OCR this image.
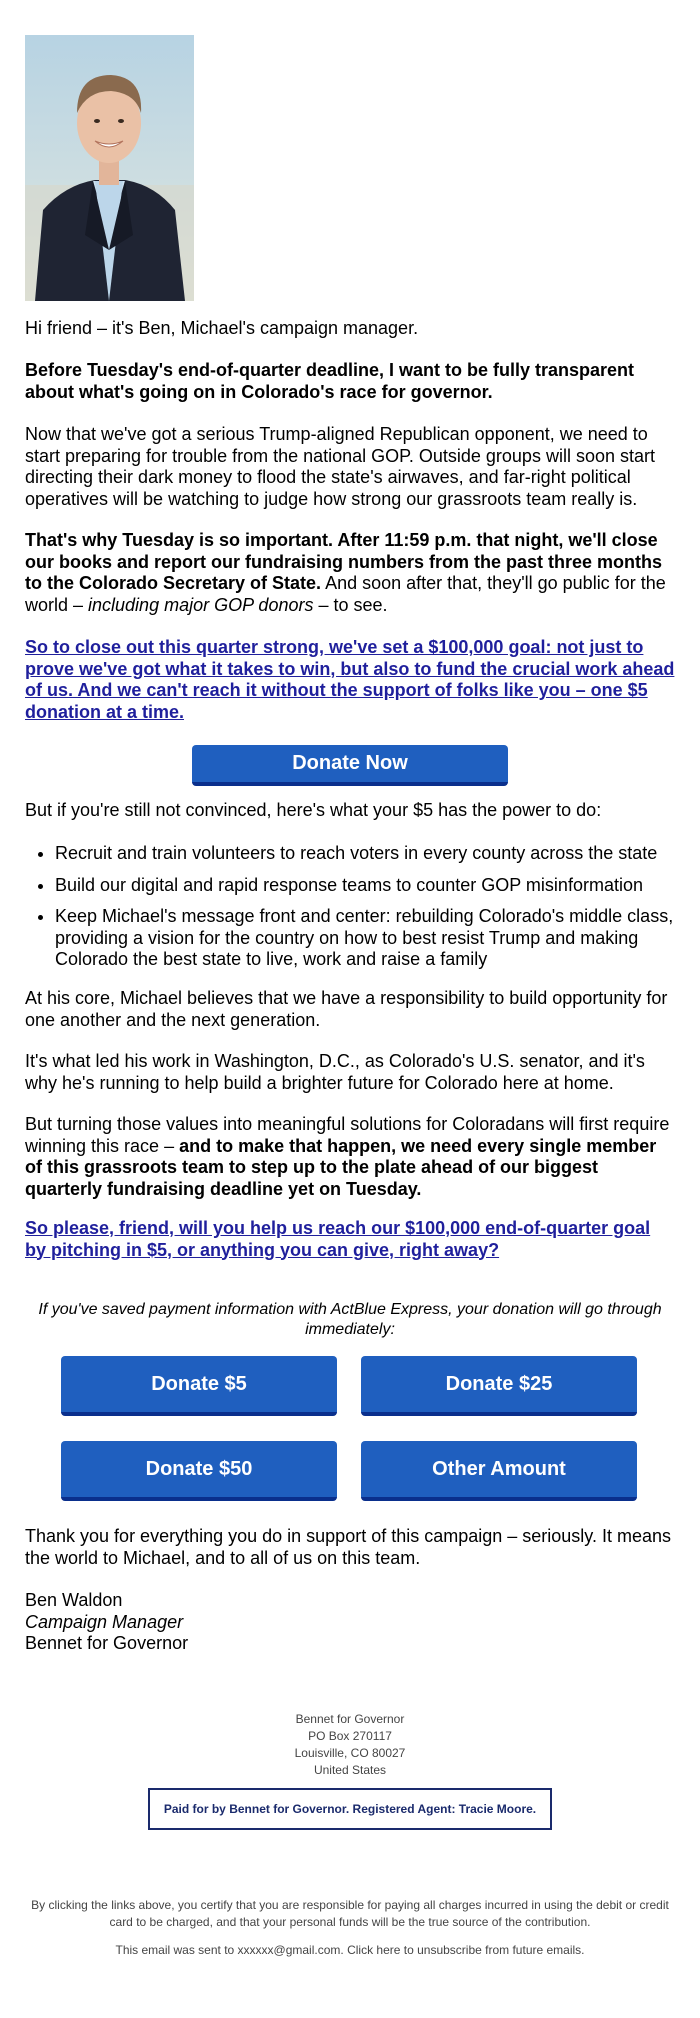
Hi friend – it's Ben, Michael's campaign manager.

Before Tuesday's end-of-quarter deadline, I want to be fully transparent about what's going on in Colorado's race for governor.

Now that we've got a serious Trump-aligned Republican opponent, we need to start preparing for trouble from the national GOP. Outside groups will soon start directing their dark money to flood the state's airwaves, and far-right political operatives will be watching to judge how strong our grassroots team really is.

That's why Tuesday is so important. After 11:59 p.m. that night, we'll close our books and report our fundraising numbers from the past three months to the Colorado Secretary of State. And soon after that, they'll go public for the world – including major GOP donors – to see.

So to close out this quarter strong, we've set a $100,000 goal: not just to prove we've got what it takes to win, but also to fund the crucial work ahead of us. And we can't reach it without the support of folks like you – one $5 donation at a time.

Donate Now

But if you're still not convinced, here's what your $5 has the power to do:

• Recruit and train volunteers to reach voters in every county across the state
• Build our digital and rapid response teams to counter GOP misinformation
• Keep Michael's message front and center: rebuilding Colorado's middle class, providing a vision for the country on how to best resist Trump and making Colorado the best state to live, work and raise a family

At his core, Michael believes that we have a responsibility to build opportunity for one another and the next generation.

It's what led his work in Washington, D.C., as Colorado's U.S. senator, and it's why he's running to help build a brighter future for Colorado here at home.

But turning those values into meaningful solutions for Coloradans will first require winning this race – and to make that happen, we need every single member of this grassroots team to step up to the plate ahead of our biggest quarterly fundraising deadline yet on Tuesday.

So please, friend, will you help us reach our $100,000 end-of-quarter goal by pitching in $5, or anything you can give, right away?

If you've saved payment information with ActBlue Express, your donation will go through immediately:
Donate $5	Donate $25
Donate $50	Other Amount

Thank you for everything you do in support of this campaign – seriously. It means the world to Michael, and to all of us on this team.

Ben Waldon
Campaign Manager
Bennet for Governor
Bennet for Governor
PO Box 270117
Louisville, CO 80027
United States
Paid for by Bennet for Governor. Registered Agent: Tracie Moore.
By clicking the links above, you certify that you are responsible for paying all charges incurred in using the debit or credit card to be charged, and that your personal funds will be the true source of the contribution.
This email was sent to xxxxxx@gmail.com. Click here to unsubscribe from future emails.
